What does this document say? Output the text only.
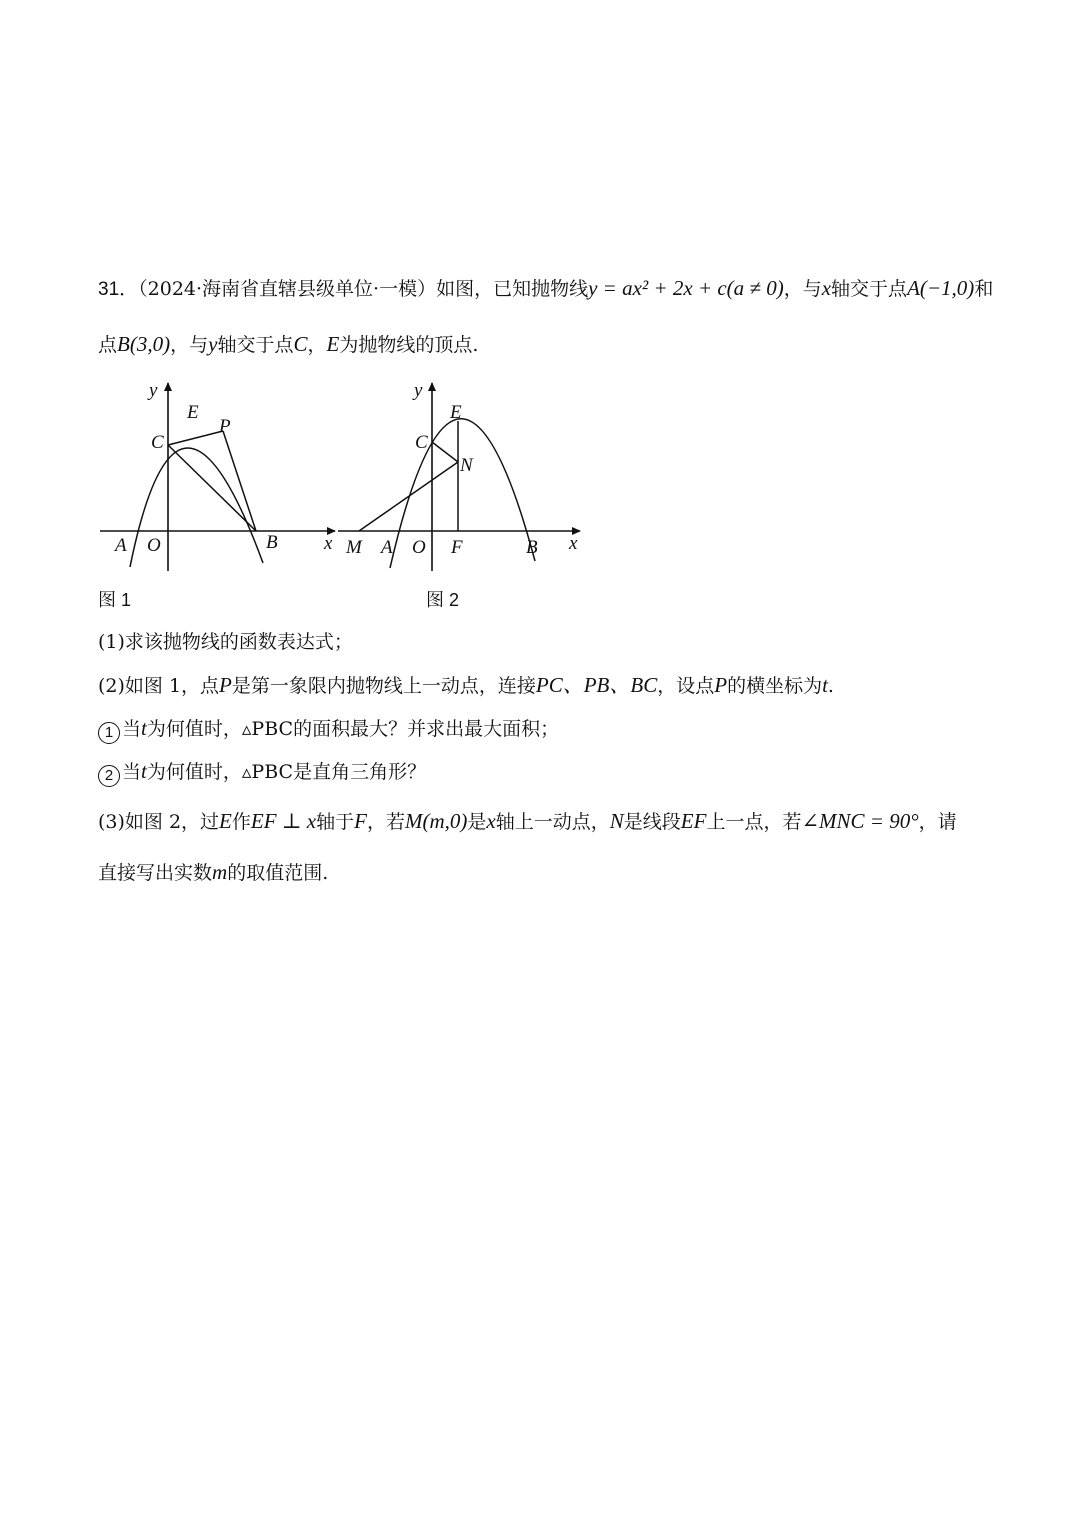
31．（2024·海南省直辖县级单位·一模）如图，已知抛物线y = ax² + 2x + c(a ≠ 0)，与x轴交于点A(−1,0)和
点B(3,0)，与y轴交于点C，E为抛物线的顶点.
y
E
P
C
A O	B x
图 1
y
E
C
N
M A O F	B x
图 2
(1)求该抛物线的函数表达式；
(2)如图 1，点P是第一象限内抛物线上一动点，连接PC、PB、BC，设点P的横坐标为t.
1 当t为何值时，▵PBC的面积最大？并求出最大面积；
2 当t为何值时，▵PBC是直角三角形？
(3)如图 2，过E作EF ⊥ x轴于F，若M(m,0)是x轴上一动点，N是线段EF上一点，若∠MNC = 90°，请
直接写出实数m的取值范围.
